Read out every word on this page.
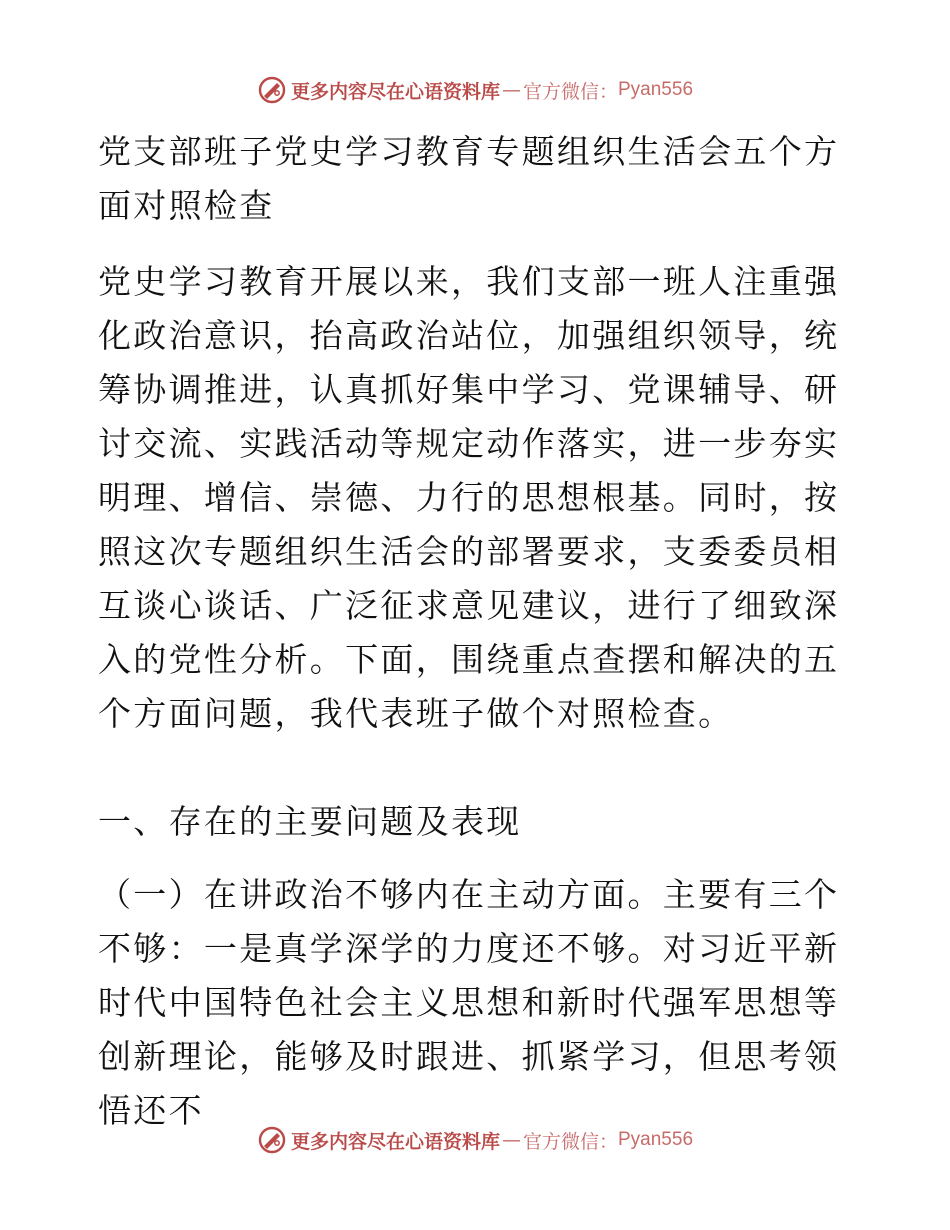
更多内容尽在心语资料库 — 官方微信： Pyan556

党支部班子党史学习教育专题组织生活会五个方面对照检查

党史学习教育开展以来，我们支部一班人注重强化政治意识，抬高政治站位，加强组织领导，统筹协调推进，认真抓好集中学习、党课辅导、研讨交流、实践活动等规定动作落实，进一步夯实明理、增信、崇德、力行的思想根基。同时，按照这次专题组织生活会的部署要求，支委委员相互谈心谈话、广泛征求意见建议，进行了细致深入的党性分析。下面，围绕重点查摆和解决的五个方面问题，我代表班子做个对照检查。

一、存在的主要问题及表现

（一）在讲政治不够内在主动方面。主要有三个不够：一是真学深学的力度还不够。对习近平新时代中国特色社会主义思想和新时代强军思想等创新理论，能够及时跟进、抓紧学习，但思考领悟还不

更多内容尽在心语资料库 — 官方微信： Pyan556
